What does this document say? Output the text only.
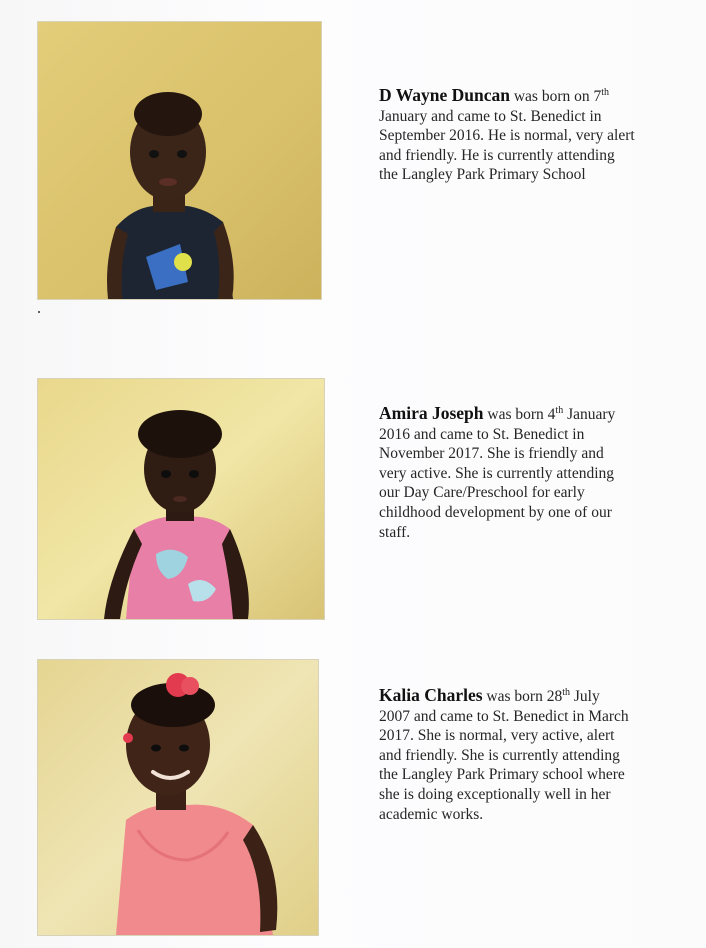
D Wayne Duncan was born on 7th
January and came to St. Benedict in
September 2016. He is normal, very alert
and friendly. He is currently attending
the Langley Park Primary School
Amira Joseph was born 4th January
2016 and came to St. Benedict in
November 2017. She is friendly and
very active. She is currently attending
our Day Care/Preschool for early
childhood development by one of our
staff.
Kalia Charles was born 28th July
2007 and came to St. Benedict in March
2017. She is normal, very active, alert
and friendly. She is currently attending
the Langley Park Primary school where
she is doing exceptionally well in her
academic works.
